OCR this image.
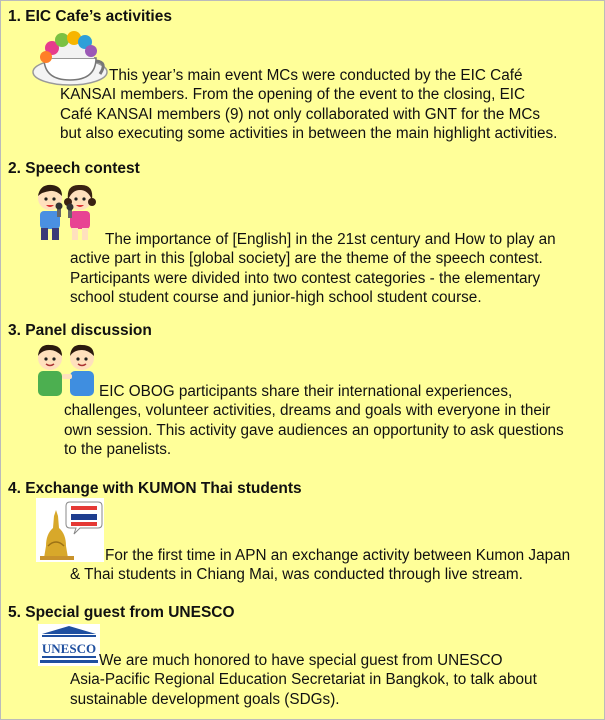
1. EIC Cafe’s activities

This year’s main event MCs were conducted by the EIC Café

KANSAI members. From the opening of the event to the closing, EIC

Café KANSAI members (9) not only collaborated with GNT for the MCs

but also executing some activities in between the main highlight activities.

2. Speech contest

The importance of [English] in the 21st century and How to play an

active part in this [global society] are the theme of the speech contest.

Participants were divided into two contest categories - the elementary

school student course and junior-high school student course.

3. Panel discussion

EIC OBOG participants share their international experiences,

challenges, volunteer activities, dreams and goals with everyone in their

own session. This activity gave audiences an opportunity to ask questions

to the panelists.

4. Exchange with KUMON Thai students

For the first time in APN an exchange activity between Kumon Japan

& Thai students in Chiang Mai, was conducted through live stream.

5. Special guest from UNESCO
UNESCO

We are much honored to have special guest from UNESCO

Asia-Pacific Regional Education Secretariat in Bangkok, to talk about

sustainable development goals (SDGs).
